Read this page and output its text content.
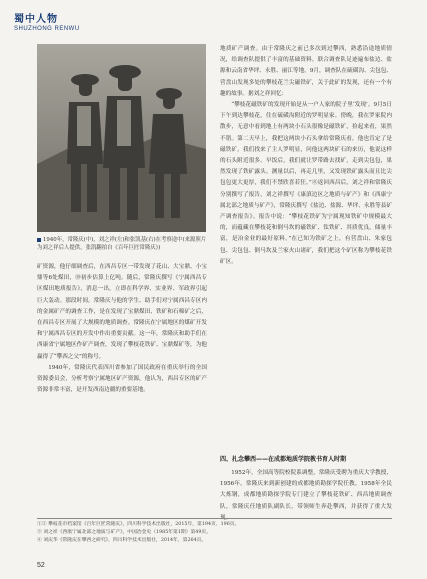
蜀中人物
SHUZHONG RENWU
1940年，常隆庆(中)，刘之祥(左)和张凯基(右)在考察途中(来源照片为刘之祥后人提供，张凯翻拍自《百年巨匠常隆庆》)

矿资源，他仔细调查后，在西昌专区一带发现了花山、大宝鼎、小宝鼎等6处煤田，⑩初步估算上亿吨。随后，常隆庆撰写《宁属西昌专区煤田地质报告》，消息一出，立即在科学界、实业界、军政界引起巨大轰动。那段时间，常隆庆与他的学生、助手们对宁属西昌专区内的金属矿产的调查工作，是在发现了宝鼎煤田、铁矿和石棉矿之后，在西昌专区开展了大规模的地质调查。常隆庆在宁属地区的煤矿开发和宁属西昌专区的开发中作出重要贡献。这一年，常隆庆和助手们在西康省宁属地区作矿产调查，发现了攀枝花铁矿、宝鼎煤矿等，为他赢得了“攀西之父”的称号。

1940年，常隆庆代表四川省参加了国民政府在重庆举行的全国资源委员会，分析考察宁属地区矿产资源，他认为，西昌专区的矿产资源非常丰富，是开发西南边疆的重要基地。

地质矿产调查。由于常隆庆之前已多次到过攀西，熟悉沿途地质情况，给调查队提供了丰富的基础资料。联合调查队足迹遍布盐边、盐源和云南省华坪、永胜、丽江等地。9月，调查队在硫磺沟、尖包包、营盘山发现多处的攀枝花兰尖磁铁矿，关于此矿的发现，还有一个有趣的故事。据刘之祥回忆：

“攀枝花磁铁矿的发现开始是从一户人家的院子里‘发现’。9月5日下午到达攀枝花，住在硫磺沟附近的罗明显家。傍晚，我在罗家院内散步，无意中看到地上有两块小石头很像是磁铁矿，捡起来看，果然不错。第二天早上，我把这两块小石头拿给常隆庆看，他也肯定了是磁铁矿。我们找来了主人罗明显，问他这两块矿石的来历，他说这样的石头附近很多。早饭后，我们就让罗带路去找矿，走到尖包包，果然发现了铁矿露头。测量以后，再走几里，又发现铁矿露头而且比尖包包更大更厚，我们不禁欣喜若狂。”⑧返回西昌后，刘之祥和常隆庆分别撰写了报告，刘之祥撰写《康滇边区之地质与矿产》和《西康宁属北部之地质与矿产》，常隆庆撰写《盐边、盐源、华坪、永胜等县矿产调查报告》。报告中说：“攀枝花铁矿为宁属现知铁矿中规模最大的，而蕴藏在攀枝花和倒马坎的磁铁矿、钛铁矿、其质优良，储量丰富，是冶金业的最好原料。”在已知为铁矿之上，有营盘山、朱家包包、尖包包、倒马坎及兰家火山诸矿，我们把这个矿区称为攀枝花铁矿区。

四、扎念攀西——在成都地质学院教书育人时期

1952年，全国高等院校院系调整，常隆庆受聘为重庆大学教授，1956年，常隆庆来到新创建的成都地质勘探学院任教。1958年全民大炼钢，成都地质勘探学院专门建立了攀枝花铁矿、西昌地质调查队，常隆庆任地质队副队长，带领师生奔赴攀西，并获得了重大发现。

①② 攀枝花市档案馆《百年巨匠常隆庆》，四川科学技术出版社，2015年，第194页、196页。
③ 刘之祥《西康宁属北部之地质与矿产》，中国冶金史（1985年第1期）第49页。
④ 刘庆华《常隆庆在攀西之研究》，四川科学技术出版社，2014年，第264页。
52
